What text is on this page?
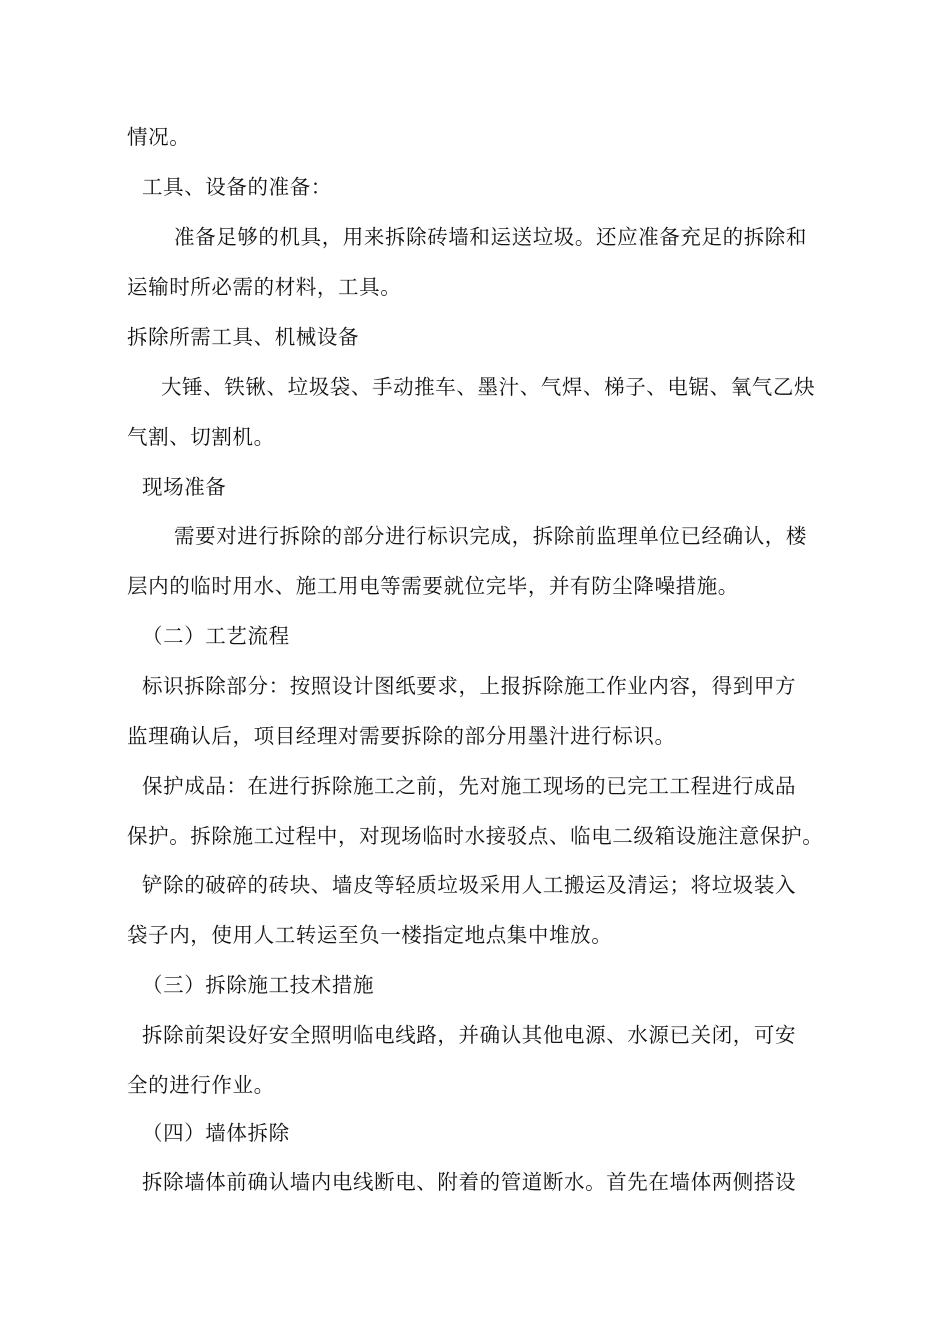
情况。
工具、设备的准备：
准备足够的机具，用来拆除砖墙和运送垃圾。还应准备充足的拆除和
运输时所必需的材料，工具。
拆除所需工具、机械设备
大锤、铁锹、垃圾袋、手动推车、墨汁、气焊、梯子、电锯、氧气乙炔
气割、切割机。
现场准备
需要对进行拆除的部分进行标识完成，拆除前监理单位已经确认，楼
层内的临时用水、施工用电等需要就位完毕，并有防尘降噪措施。
（二）工艺流程
标识拆除部分：按照设计图纸要求，上报拆除施工作业内容，得到甲方
监理确认后，项目经理对需要拆除的部分用墨汁进行标识。
保护成品：在进行拆除施工之前，先对施工现场的已完工工程进行成品
保护。拆除施工过程中，对现场临时水接驳点、临电二级箱设施注意保护。
铲除的破碎的砖块、墙皮等轻质垃圾采用人工搬运及清运；将垃圾装入
袋子内，使用人工转运至负一楼指定地点集中堆放。
（三）拆除施工技术措施
拆除前架设好安全照明临电线路，并确认其他电源、水源已关闭，可安
全的进行作业。
（四）墙体拆除
拆除墙体前确认墙内电线断电、附着的管道断水。首先在墙体两侧搭设
